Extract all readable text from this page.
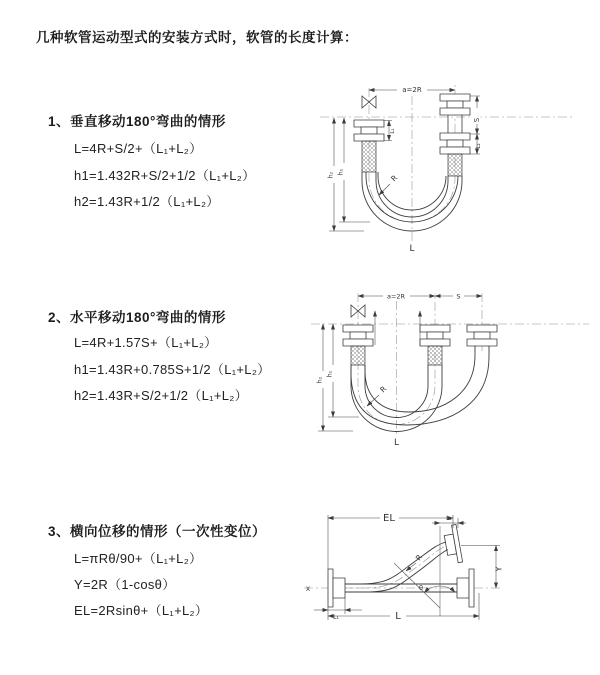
几种软管运动型式的安装方式时，软管的长度计算：
1、垂直移动180°弯曲的情形
L=4R+S/2+（L₁+L₂）
h1=1.432R+S/2+1/2（L₁+L₂）
h2=1.43R+1/2（L₁+L₂）
2、水平移动180°弯曲的情形
L=4R+1.57S+（L₁+L₂）
h1=1.43R+0.785S+1/2（L₁+L₂）
h2=1.43R+S/2+1/2（L₁+L₂）
3、横向位移的情形（一次性变位）
L=πRθ/90+（L₁+L₂）
Y=2R（1-cosθ）
EL=2Rsinθ+（L₁+L₂）
a=2R
S
L₂
L₁
h₂ h₁
R
L
a=2R	S
h₂
h₁
R
L
EL	L₂
Y
R
θ
L
L₁
X
